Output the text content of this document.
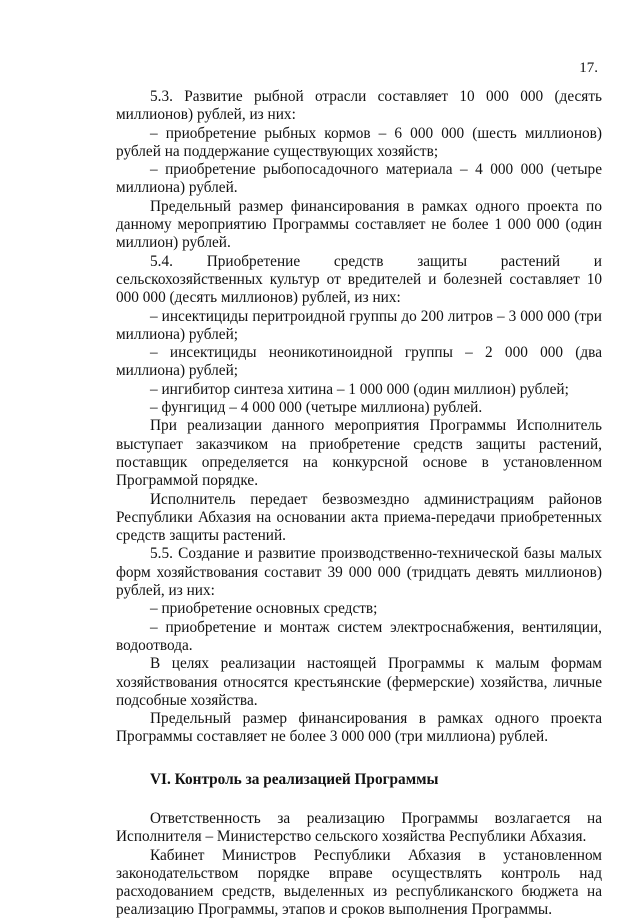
17.

5.3. Развитие рыбной отрасли составляет 10 000 000 (десять миллионов) рублей, из них:

– приобретение рыбных кормов – 6 000 000 (шесть миллионов) рублей на поддержание существующих хозяйств;

– приобретение рыбопосадочного материала – 4 000 000 (четыре миллиона) рублей.

Предельный размер финансирования в рамках одного проекта по данному мероприятию Программы составляет не более 1 000 000 (один миллион) рублей.

5.4. Приобретение средств защиты растений и сельскохозяйственных культур от вредителей и болезней составляет 10 000 000 (десять миллионов) рублей, из них:

– инсектициды перитроидной группы до 200 литров – 3 000 000 (три миллиона) рублей;

– инсектициды неоникотиноидной группы – 2 000 000 (два миллиона) рублей;

– ингибитор синтеза хитина – 1 000 000 (один миллион) рублей;

– фунгицид – 4 000 000 (четыре миллиона) рублей.

При реализации данного мероприятия Программы Исполнитель выступает заказчиком на приобретение средств защиты растений, поставщик определяется на конкурсной основе в установленном Программой порядке.

Исполнитель передает безвозмездно администрациям районов Республики Абхазия на основании акта приема-передачи приобретенных средств защиты растений.

5.5. Создание и развитие производственно-технической базы малых форм хозяйствования составит 39 000 000 (тридцать девять миллионов) рублей, из них:

– приобретение основных средств;

– приобретение и монтаж систем электроснабжения, вентиляции, водоотвода.

В целях реализации настоящей Программы к малым формам хозяйствования относятся крестьянские (фермерские) хозяйства, личные подсобные хозяйства.

Предельный размер финансирования в рамках одного проекта Программы составляет не более 3 000 000 (три миллиона) рублей.

VI. Контроль за реализацией Программы

Ответственность за реализацию Программы возлагается на Исполнителя – Министерство сельского хозяйства Республики Абхазия.

Кабинет Министров Республики Абхазия в установленном законодательством порядке вправе осуществлять контроль над расходованием средств, выделенных из республиканского бюджета на реализацию Программы, этапов и сроков выполнения Программы.
